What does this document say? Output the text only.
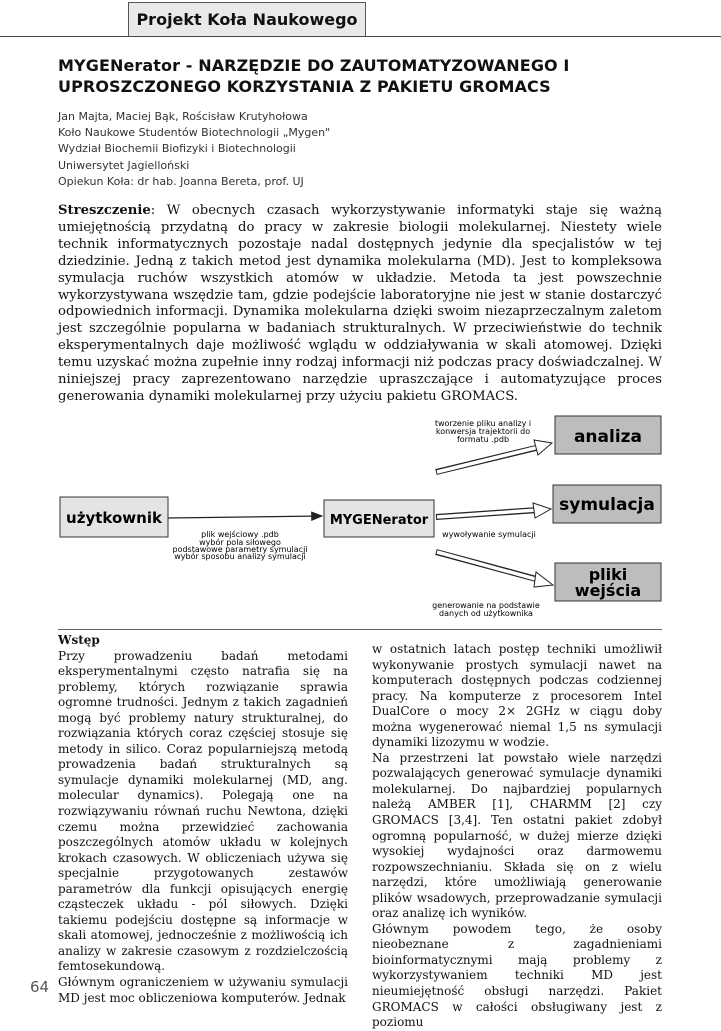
Projekt Koła Naukowego
MYGENerator - NARZĘDZIE DO ZAUTOMATYZOWANEGO I
UPROSZCZONEGO KORZYSTANIA Z PAKIETU GROMACS
Jan Majta, Maciej Bąk, Rościsław Krutyhołowa
Koło Naukowe Studentów Biotechnologii „Mygen"
Wydział Biochemii Biofizyki i Biotechnologii
Uniwersytet Jagielloński
Opiekun Koła: dr hab. Joanna Bereta, prof. UJ

Streszczenie: W obecnych czasach wykorzystywanie informatyki staje się ważną umiejętnością przydatną do pracy w zakresie biologii molekularnej. Niestety wiele technik informatycznych pozostaje nadal dostępnych jedynie dla specjalistów w tej dziedzinie. Jedną z takich metod jest dynamika molekularna (MD). Jest to kompleksowa symulacja ruchów wszystkich atomów w układzie. Metoda ta jest powszechnie wykorzystywana wszędzie tam, gdzie podejście laboratoryjne nie jest w stanie dostarczyć odpowiednich informacji. Dynamika molekularna dzięki swoim niezaprzeczalnym zaletom jest szczególnie popularna w badaniach strukturalnych. W przeciwieństwie do technik eksperymentalnych daje możliwość wglądu w oddziaływania w skali atomowej. Dzięki temu uzyskać można zupełnie inny rodzaj informacji niż podczas pracy doświadczalnej. W niniejszej pracy zaprezentowano narzędzie upraszczające i automatyzujące proces generowania dynamiki molekularnej przy użyciu pakietu GROMACS.

użytkownik	MYGENerator
analiza
symulacja
pliki
wejścia
tworzenie pliku analizy i
konwersja trajektorii do
formatu .pdb
wywoływanie symulacji
generowanie na podstawie
danych od użytkownika
plik wejściowy .pdb
wybór pola siłowego
podstawowe parametry symulacji
wybór sposobu analizy symulacji
Wstęp

Przy prowadzeniu badań metodami eksperymentalnymi często natrafia się na problemy, których rozwiązanie sprawia ogromne trudności. Jednym z takich zagadnień mogą być problemy natury strukturalnej, do rozwiązania których coraz częściej stosuje się metody in silico. Coraz popularniejszą metodą prowadzenia badań strukturalnych są symulacje dynamiki molekularnej (MD, ang. molecular dynamics). Polegają one na rozwiązywaniu równań ruchu Newtona, dzięki czemu można przewidzieć zachowania poszczególnych atomów układu w kolejnych krokach czasowych. W obliczeniach używa się specjalnie przygotowanych zestawów parametrów dla funkcji opisujących energię cząsteczek układu - pól siłowych. Dzięki takiemu podejściu dostępne są informacje w skali atomowej, jednocześnie z możliwością ich analizy w zakresie czasowym z rozdzielczością femtosekundową.

Głównym ograniczeniem w używaniu symulacji MD jest moc obliczeniowa komputerów. Jednak

w ostatnich latach postęp techniki umożliwił wykonywanie prostych symulacji nawet na komputerach dostępnych podczas codziennej pracy. Na komputerze z procesorem Intel DualCore o mocy 2× 2GHz w ciągu doby można wygenerować niemal 1,5 ns symulacji dynamiki lizozymu w wodzie.

Na przestrzeni lat powstało wiele narzędzi pozwalających generować symulacje dynamiki molekularnej. Do najbardziej popularnych należą AMBER [1], CHARMM [2] czy GROMACS [3,4]. Ten ostatni pakiet zdobył ogromną popularność, w dużej mierze dzięki wysokiej wydajności oraz darmowemu rozpowszechnianiu. Składa się on z wielu narzędzi, które umożliwiają generowanie plików wsadowych, przeprowadzanie symulacji oraz analizę ich wyników.

Głównym powodem tego, że osoby nieobeznane z zagadnieniami bioinformatycznymi mają problemy z wykorzystywaniem techniki MD jest nieumiejętność obsługi narzędzi. Pakiet GROMACS w całości obsługiwany jest z poziomu

64
